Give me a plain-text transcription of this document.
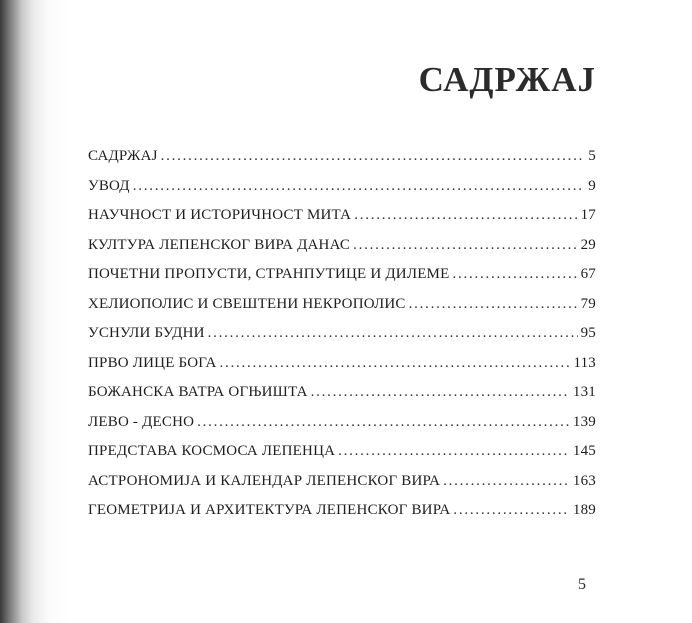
САДРЖАЈ
САДРЖАЈ . . .	5
УВОД . . .	9
НАУЧНОСТ И ИСТОРИЧНОСТ МИТА . . .	17
КУЛТУРА ЛЕПЕНСКОГ ВИРА ДАНАС . . .	29
ПОЧЕТНИ ПРОПУСТИ, СТРАНПУТИЦЕ И ДИЛЕМЕ . . .	67
ХЕЛИОПОЛИС И СВЕШТЕНИ НЕКРОПОЛИС . . .	79
УСНУЛИ БУДНИ . . .	95
ПРВО ЛИЦЕ БОГА . . .	113
БОЖАНСКА ВАТРА ОГЊИШТА . . .	131
ЛЕВО - ДЕСНО . . .	139
ПРЕДСТАВА КОСМОСА ЛЕПЕНЦА . . .	145
АСТРОНОМИЈА И КАЛЕНДАР ЛЕПЕНСКОГ ВИРА . . .	163
ГЕОМЕТРИЈА И АРХИТЕКТУРА ЛЕПЕНСКОГ ВИРА . . .	189
5
